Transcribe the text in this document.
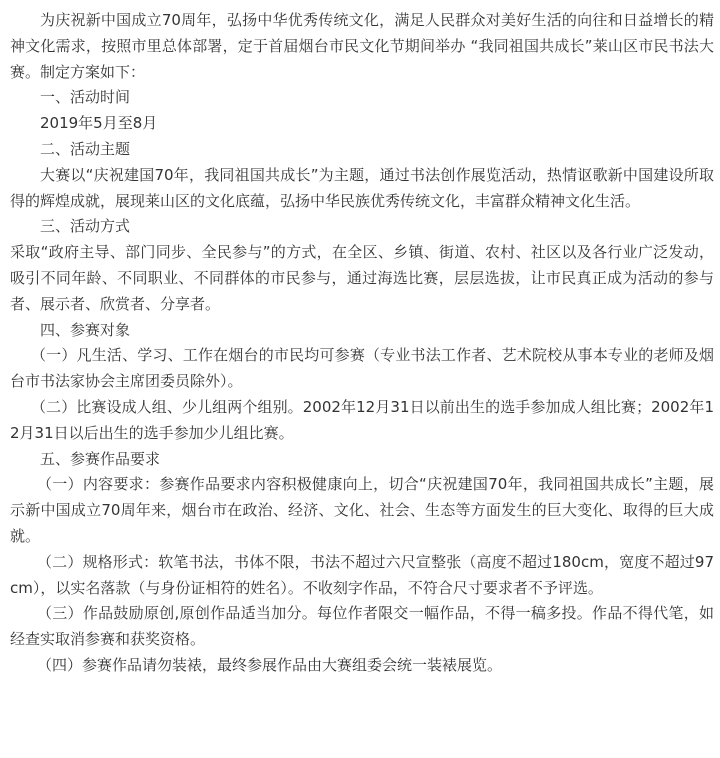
为庆祝新中国成立70周年，弘扬中华优秀传统文化，满足人民群众对美好生活的向往和日益增长的精神文化需求，按照市里总体部署，定于首届烟台市民文化节期间举办 “我同祖国共成长”莱山区市民书法大赛。制定方案如下：

一、活动时间

2019年5月至8月

二、活动主题

大赛以“庆祝建国70年，我同祖国共成长”为主题，通过书法创作展览活动，热情讴歌新中国建设所取得的辉煌成就，展现莱山区的文化底蕴，弘扬中华民族优秀传统文化，丰富群众精神文化生活。

三、活动方式

采取“政府主导、部门同步、全民参与”的方式，在全区、乡镇、街道、农村、社区以及各行业广泛发动，吸引不同年龄、不同职业、不同群体的市民参与，通过海选比赛，层层选拔，让市民真正成为活动的参与者、展示者、欣赏者、分享者。

四、参赛对象

（一）凡生活、学习、工作在烟台的市民均可参赛（专业书法工作者、艺术院校从事本专业的老师及烟台市书法家协会主席团委员除外）。

（二）比赛设成人组、少儿组两个组别。2002年12月31日以前出生的选手参加成人组比赛；2002年12月31日以后出生的选手参加少儿组比赛。

五、参赛作品要求

（一）内容要求：参赛作品要求内容积极健康向上，切合“庆祝建国70年，我同祖国共成长”主题，展示新中国成立70周年来，烟台市在政治、经济、文化、社会、生态等方面发生的巨大变化、取得的巨大成就。

（二）规格形式：软笔书法，书体不限，书法不超过六尺宣整张（高度不超过180cm，宽度不超过97cm），以实名落款（与身份证相符的姓名）。不收刻字作品，不符合尺寸要求者不予评选。

（三）作品鼓励原创,原创作品适当加分。每位作者限交一幅作品，不得一稿多投。作品不得代笔，如经查实取消参赛和获奖资格。

（四）参赛作品请勿装裱，最终参展作品由大赛组委会统一装裱展览。
